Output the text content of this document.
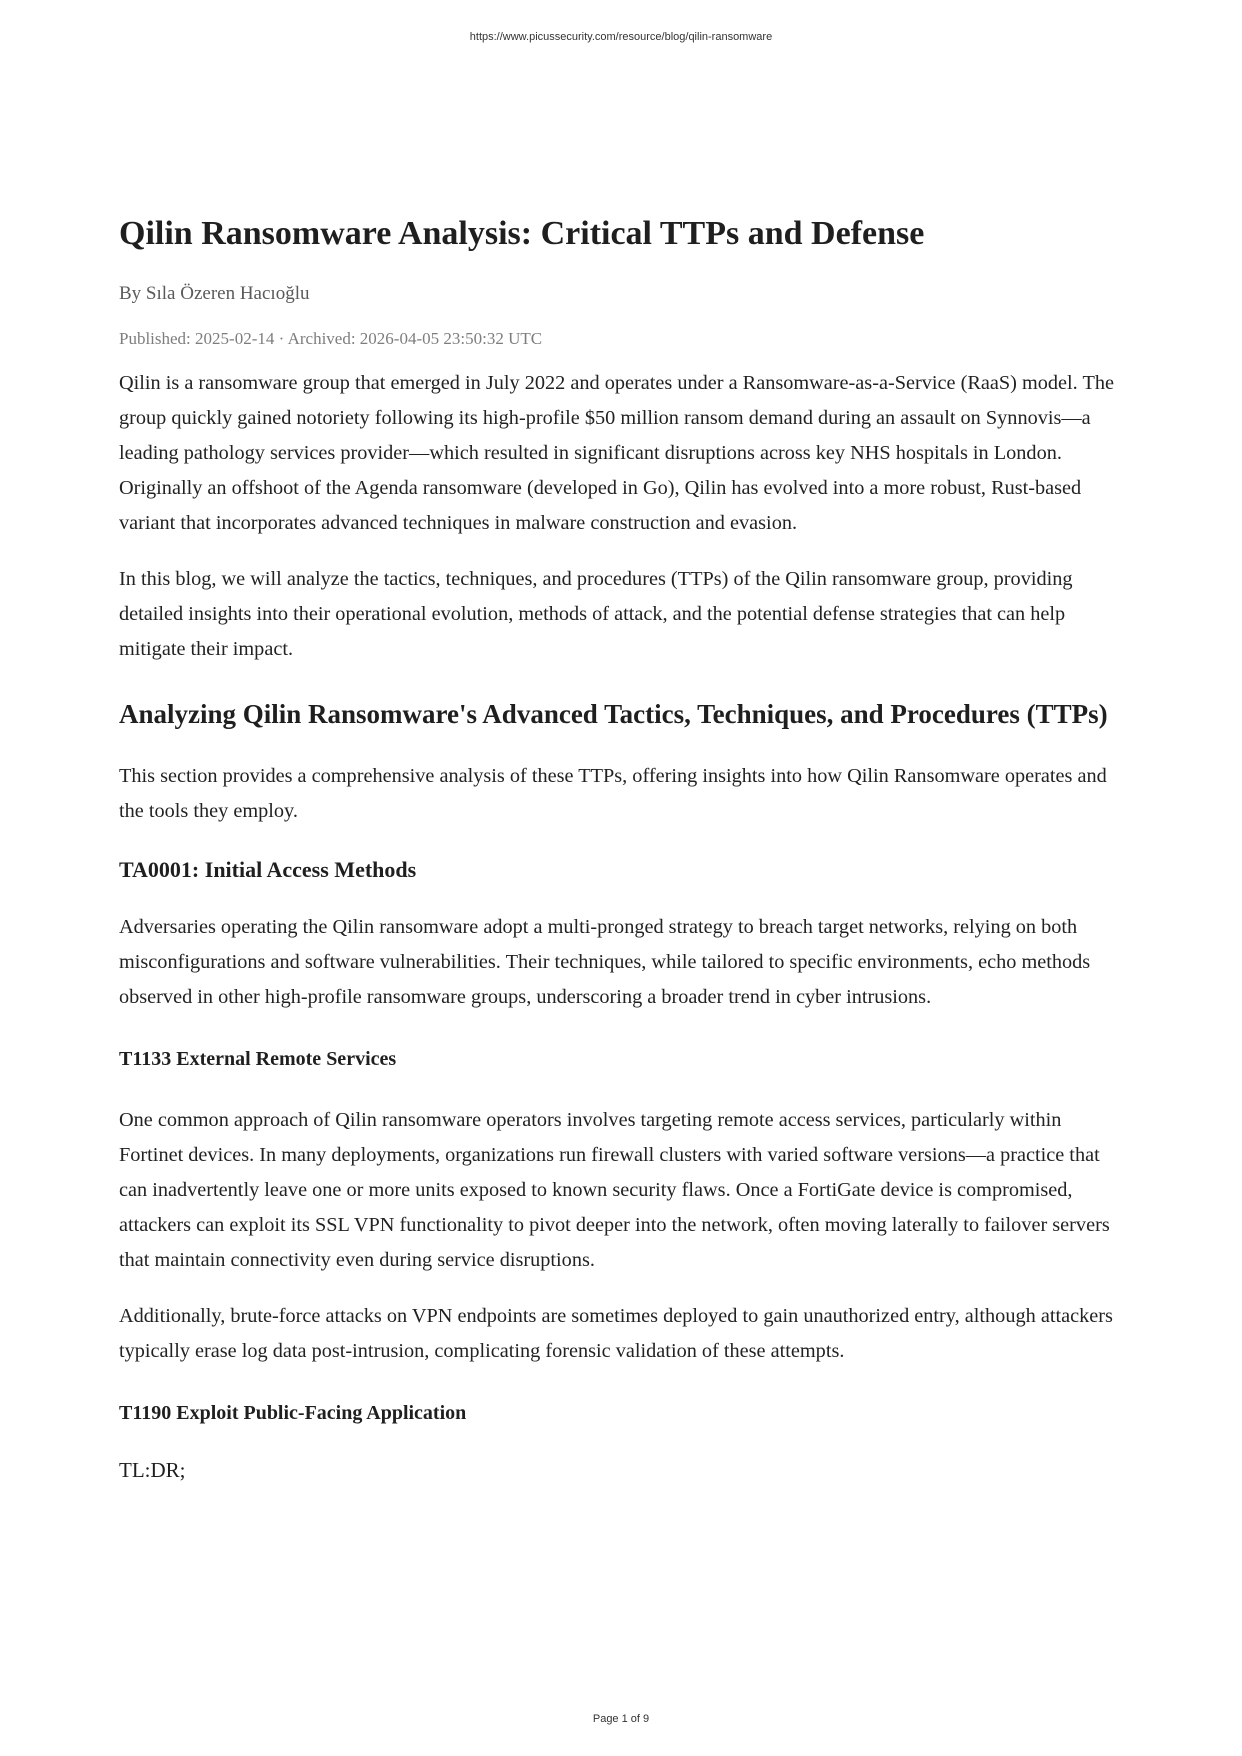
https://www.picussecurity.com/resource/blog/qilin-ransomware
Qilin Ransomware Analysis: Critical TTPs and Defense
By Sıla Özeren Hacıoğlu
Published: 2025-02-14 · Archived: 2026-04-05 23:50:32 UTC

Qilin is a ransomware group that emerged in July 2022 and operates under a Ransomware-as-a-Service (RaaS) model. The group quickly gained notoriety following its high-profile $50 million ransom demand during an assault on Synnovis—a leading pathology services provider—which resulted in significant disruptions across key NHS hospitals in London. Originally an offshoot of the Agenda ransomware (developed in Go), Qilin has evolved into a more robust, Rust-based variant that incorporates advanced techniques in malware construction and evasion.

In this blog, we will analyze the tactics, techniques, and procedures (TTPs) of the Qilin ransomware group, providing detailed insights into their operational evolution, methods of attack, and the potential defense strategies that can help mitigate their impact.

Analyzing Qilin Ransomware's Advanced Tactics, Techniques, and Procedures (TTPs)

This section provides a comprehensive analysis of these TTPs, offering insights into how Qilin Ransomware operates and the tools they employ.

TA0001: Initial Access Methods

Adversaries operating the Qilin ransomware adopt a multi-pronged strategy to breach target networks, relying on both misconfigurations and software vulnerabilities. Their techniques, while tailored to specific environments, echo methods observed in other high-profile ransomware groups, underscoring a broader trend in cyber intrusions.

T1133 External Remote Services

One common approach of Qilin ransomware operators involves targeting remote access services, particularly within Fortinet devices. In many deployments, organizations run firewall clusters with varied software versions—a practice that can inadvertently leave one or more units exposed to known security flaws. Once a FortiGate device is compromised, attackers can exploit its SSL VPN functionality to pivot deeper into the network, often moving laterally to failover servers that maintain connectivity even during service disruptions.

Additionally, brute-force attacks on VPN endpoints are sometimes deployed to gain unauthorized entry, although attackers typically erase log data post-intrusion, complicating forensic validation of these attempts.

T1190 Exploit Public-Facing Application
TL:DR;
Page 1 of 9
